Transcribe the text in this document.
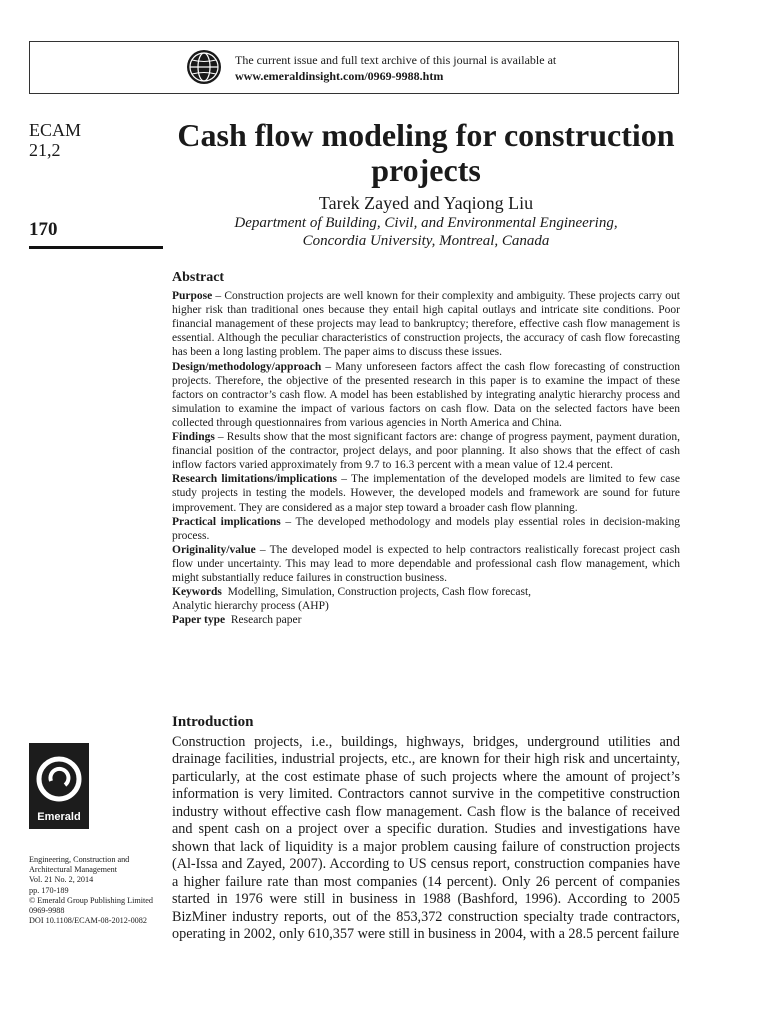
The current issue and full text archive of this journal is available at
www.emeraldinsight.com/0969-9988.htm
ECAM
21,2
170
Cash flow modeling for construction projects
Tarek Zayed and Yaqiong Liu
Department of Building, Civil, and Environmental Engineering,
Concordia University, Montreal, Canada
Abstract

Purpose – Construction projects are well known for their complexity and ambiguity. These projects carry out higher risk than traditional ones because they entail high capital outlays and intricate site conditions. Poor financial management of these projects may lead to bankruptcy; therefore, effective cash flow management is essential. Although the peculiar characteristics of construction projects, the accuracy of cash flow forecasting has been a long lasting problem. The paper aims to discuss these issues.

Design/methodology/approach – Many unforeseen factors affect the cash flow forecasting of construction projects. Therefore, the objective of the presented research in this paper is to examine the impact of these factors on contractor’s cash flow. A model has been established by integrating analytic hierarchy process and simulation to examine the impact of various factors on cash flow. Data on the selected factors have been collected through questionnaires from various agencies in North America and China.

Findings – Results show that the most significant factors are: change of progress payment, payment duration, financial position of the contractor, project delays, and poor planning. It also shows that the effect of cash inflow factors varied approximately from 9.7 to 16.3 percent with a mean value of 12.4 percent.

Research limitations/implications – The implementation of the developed models are limited to few case study projects in testing the models. However, the developed models and framework are sound for future improvement. They are considered as a major step toward a broader cash flow planning.

Practical implications – The developed methodology and models play essential roles in decision-making process.

Originality/value – The developed model is expected to help contractors realistically forecast project cash flow under uncertainty. This may lead to more dependable and professional cash flow management, which might substantially reduce failures in construction business.

Keywords Modelling, Simulation, Construction projects, Cash flow forecast,
Analytic hierarchy process (AHP)

Paper type Research paper

Introduction

Construction projects, i.e., buildings, highways, bridges, underground utilities and drainage facilities, industrial projects, etc., are known for their high risk and uncertainty, particularly, at the cost estimate phase of such projects where the amount of project’s information is very limited. Contractors cannot survive in the competitive construction industry without effective cash flow management. Cash flow is the balance of received and spent cash on a project over a specific duration. Studies and investigations have shown that lack of liquidity is a major problem causing failure of construction projects (Al-Issa and Zayed, 2007). According to US census report, construction companies have a higher failure rate than most companies (14 percent). Only 26 percent of companies started in 1976 were still in business in 1988 (Bashford, 1996). According to 2005 BizMiner industry reports, out of the 853,372 construction specialty trade contractors, operating in 2002, only 610,357 were still in business in 2004, with a 28.5 percent failure

Emerald
Engineering, Construction and
Architectural Management
Vol. 21 No. 2, 2014
pp. 170-189
© Emerald Group Publishing Limited
0969-9988
DOI 10.1108/ECAM-08-2012-0082
